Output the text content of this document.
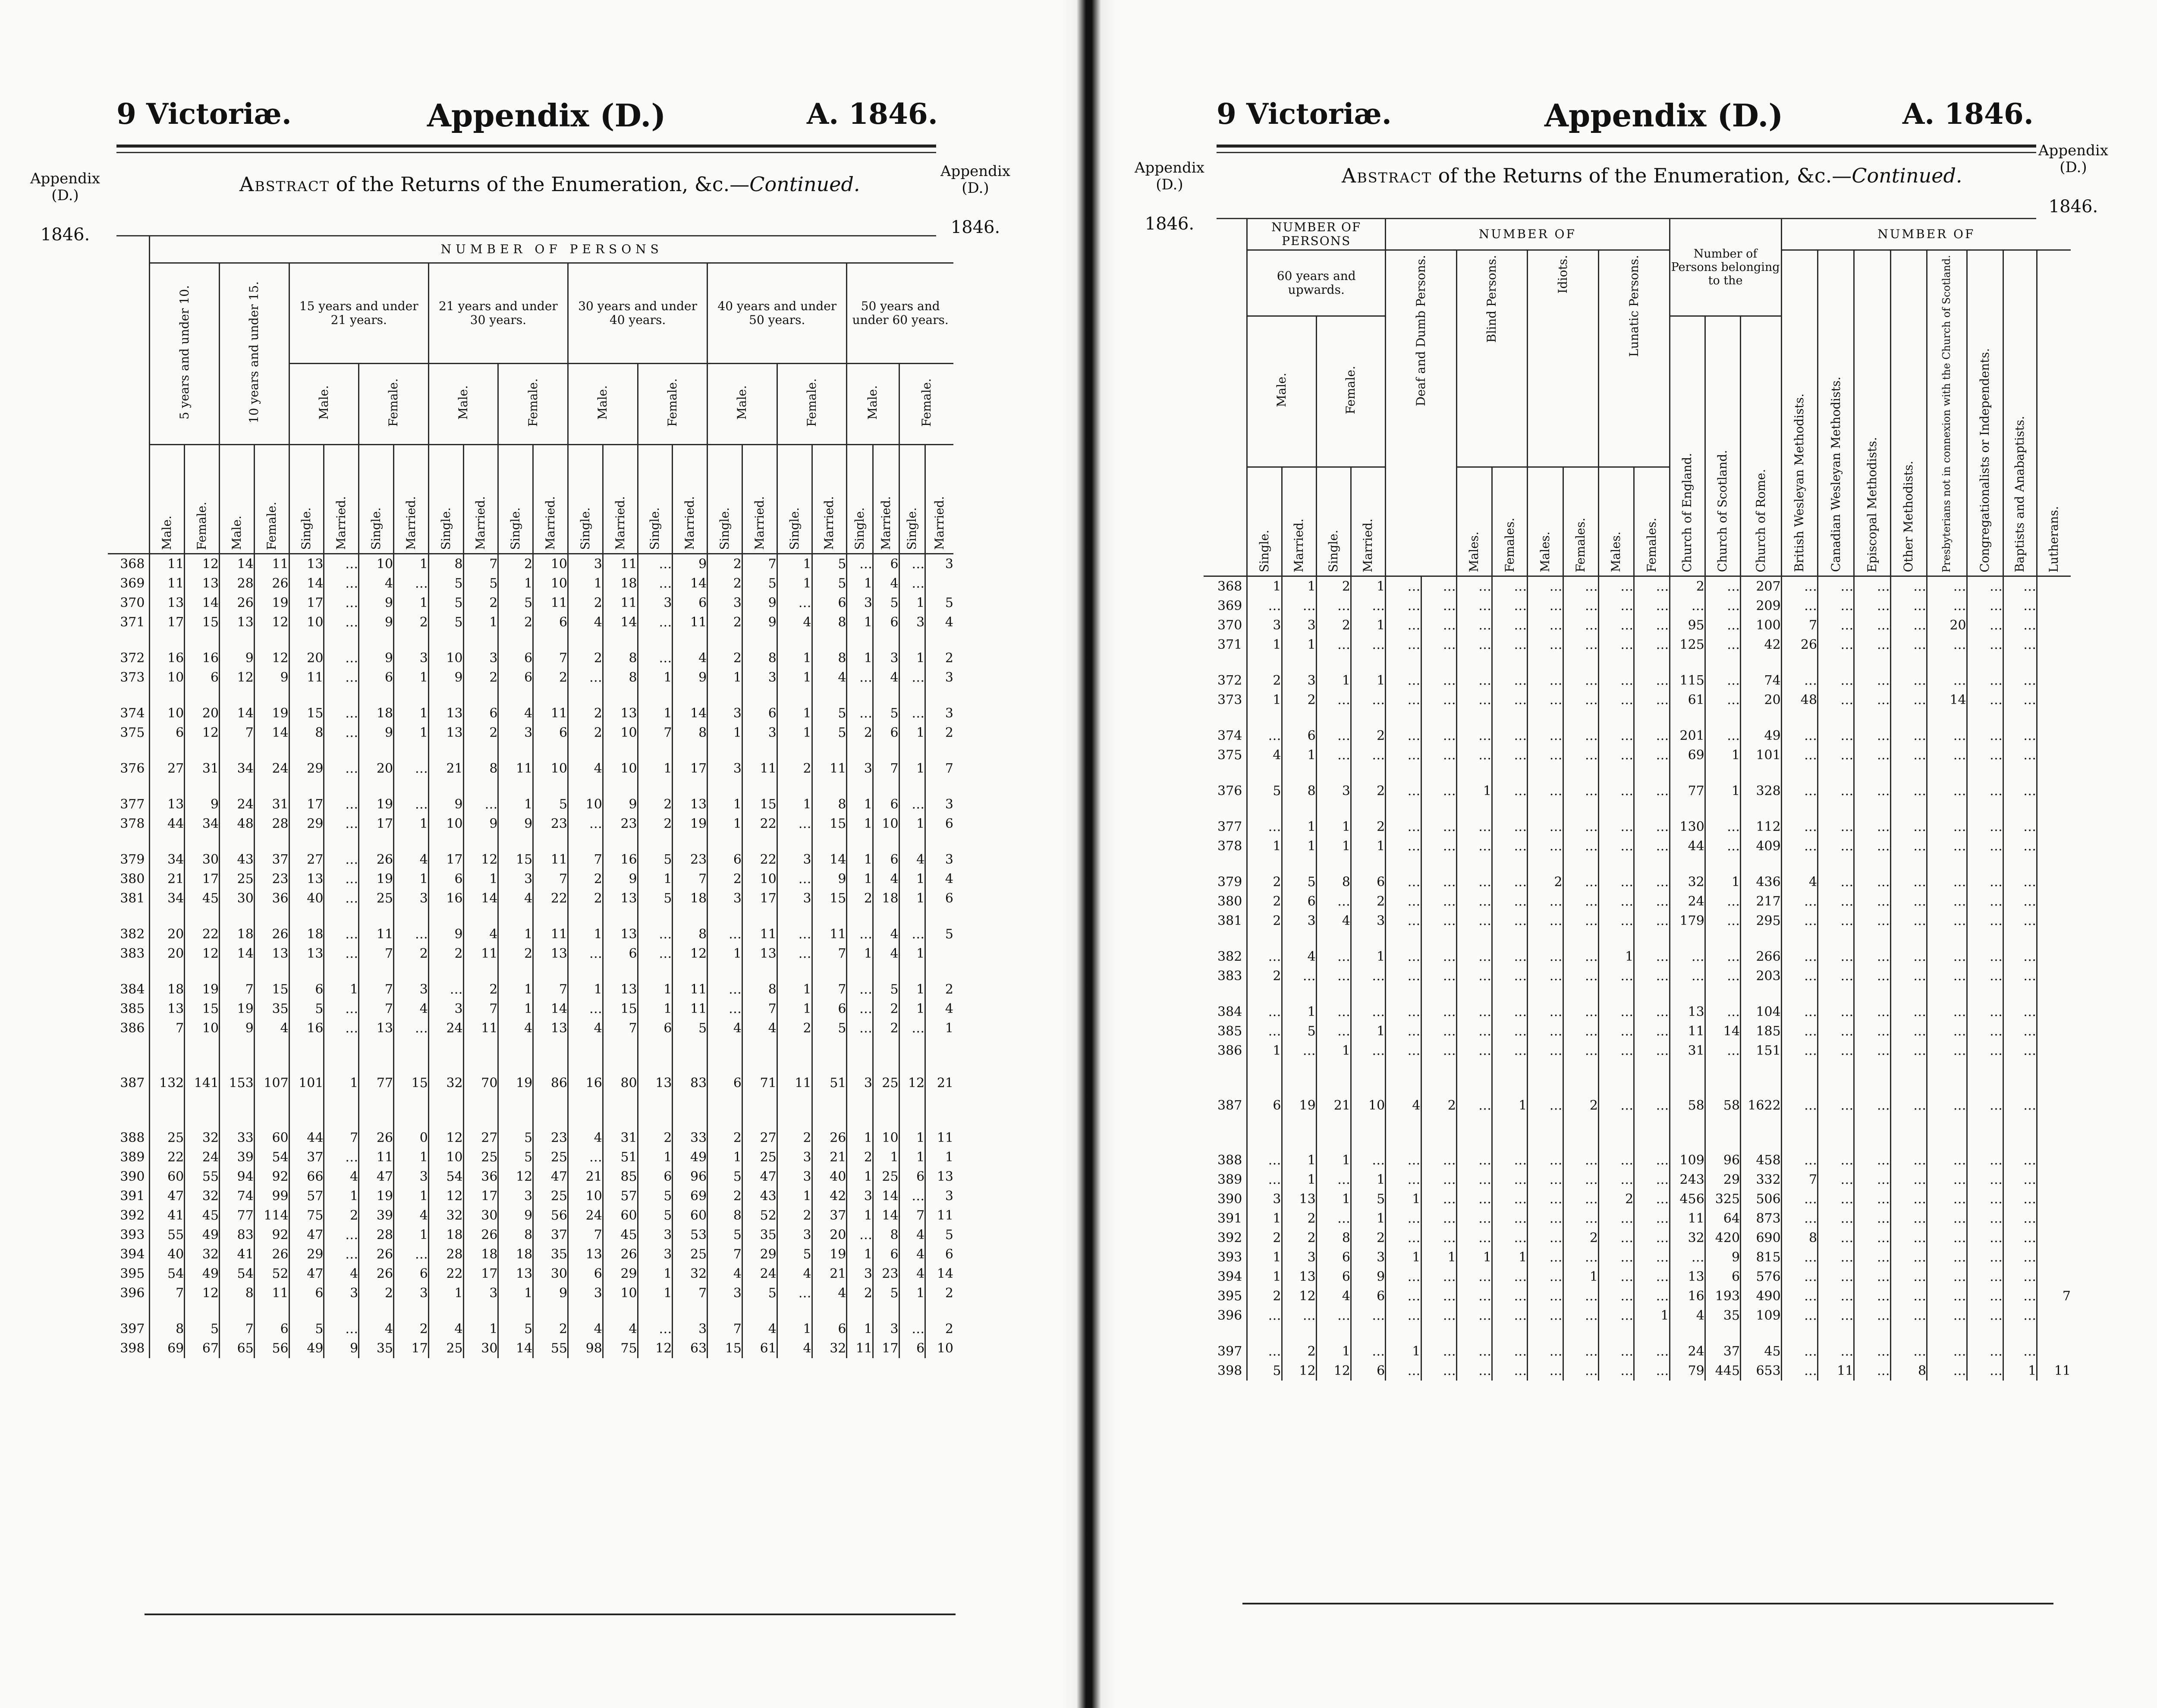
9 Victoriæ.	Appendix (D.)	A. 1846.
Appendix
(D.)
1846.
Appendix
(D.)
1846.
Abstract of the Returns of the Enumeration, &c.—Continued.
	NUMBER OF PERSONS																							
	5 years and under 10.		10 years and under 15.		15 years and under 21 years.				21 years and under 30 years.				30 years and under 40 years.				40 years and under 50 years.				50 years and under 60 years.			
					Male.		Female.		Male.		Female.		Male.		Female.		Male.		Female.		Male.		Female.	
	Male.	Female.	Male.	Female.	Single.	Married.	Single.	Married.	Single.	Married.	Single.	Married.	Single.	Married.	Single.	Married.	Single.	Married.	Single.	Married.	Single.	Married.	Single.	Married.
368	11	12	14	11	13	…	10	1	8	7	2	10	3	11	…	9	2	7	1	5	…	6	…	3
369	11	13	28	26	14	…	4	…	5	5	1	10	1	18	…	14	2	5	1	5	1	4	…	
370	13	14	26	19	17	…	9	1	5	2	5	11	2	11	3	6	3	9	…	6	3	5	1	5
371	17	15	13	12	10	…	9	2	5	1	2	6	4	14	…	11	2	9	4	8	1	6	3	4

372	16	16	9	12	20	…	9	3	10	3	6	7	2	8	…	4	2	8	1	8	1	3	1	2
373	10	6	12	9	11	…	6	1	9	2	6	2	…	8	1	9	1	3	1	4	…	4	…	3

374	10	20	14	19	15	…	18	1	13	6	4	11	2	13	1	14	3	6	1	5	…	5	…	3
375	6	12	7	14	8	…	9	1	13	2	3	6	2	10	7	8	1	3	1	5	2	6	1	2

376	27	31	34	24	29	…	20	…	21	8	11	10	4	10	1	17	3	11	2	11	3	7	1	7

377	13	9	24	31	17	…	19	…	9	…	1	5	10	9	2	13	1	15	1	8	1	6	…	3
378	44	34	48	28	29	…	17	1	10	9	9	23	…	23	2	19	1	22	…	15	1	10	1	6

379	34	30	43	37	27	…	26	4	17	12	15	11	7	16	5	23	6	22	3	14	1	6	4	3
380	21	17	25	23	13	…	19	1	6	1	3	7	2	9	1	7	2	10	…	9	1	4	1	4
381	34	45	30	36	40	…	25	3	16	14	4	22	2	13	5	18	3	17	3	15	2	18	1	6

382	20	22	18	26	18	…	11	…	9	4	1	11	1	13	…	8	…	11	…	11	…	4	…	5
383	20	12	14	13	13	…	7	2	2	11	2	13	…	6	…	12	1	13	…	7	1	4	1	

384	18	19	7	15	6	1	7	3	…	2	1	7	1	13	1	11	…	8	1	7	…	5	1	2
385	13	15	19	35	5	…	7	4	3	7	1	14	…	15	1	11	…	7	1	6	…	2	1	4
386	7	10	9	4	16	…	13	…	24	11	4	13	4	7	6	5	4	4	2	5	…	2	…	1

387	132	141	153	107	101	1	77	15	32	70	19	86	16	80	13	83	6	71	11	51	3	25	12	21

388	25	32	33	60	44	7	26	0	12	27	5	23	4	31	2	33	2	27	2	26	1	10	1	11
389	22	24	39	54	37	…	11	1	10	25	5	25	…	51	1	49	1	25	3	21	2	1	1	1
390	60	55	94	92	66	4	47	3	54	36	12	47	21	85	6	96	5	47	3	40	1	25	6	13
391	47	32	74	99	57	1	19	1	12	17	3	25	10	57	5	69	2	43	1	42	3	14	…	3
392	41	45	77	114	75	2	39	4	32	30	9	56	24	60	5	60	8	52	2	37	1	14	7	11
393	55	49	83	92	47	…	28	1	18	26	8	37	7	45	3	53	5	35	3	20	…	8	4	5
394	40	32	41	26	29	…	26	…	28	18	18	35	13	26	3	25	7	29	5	19	1	6	4	6
395	54	49	54	52	47	4	26	6	22	17	13	30	6	29	1	32	4	24	4	21	3	23	4	14
396	7	12	8	11	6	3	2	3	1	3	1	9	3	10	1	7	3	5	…	4	2	5	1	2

397	8	5	7	6	5	…	4	2	4	1	5	2	4	4	…	3	7	4	1	6	1	3	…	2
398	69	67	65	56	49	9	35	17	25	30	14	55	98	75	12	63	15	61	4	32	11	17	6	10
9 Victoriæ.	Appendix (D.)	A. 1846.
Appendix
(D.)
1846.
Appendix
(D.)
1846.
Abstract of the Returns of the Enumeration, &c.—Continued.
	NUMBER OF PERSONS				NUMBER OF								Number of Persons belonging to the			NUMBER OF							
	60 years and upwards.				Deaf and Dumb Persons.		Blind Persons.		Idiots.		Lunatic Persons.					British Wesleyan Methodists.	Canadian Wesleyan Methodists.	Episcopal Methodists.	Other Methodists.	Presbyterians not in connexion with the Church of Scotland.	Congregationalists or Independents.	Baptists and Anabaptists.	Lutherans.
	Male.		Female.										Church of England.	Church of Scotland.	Church of Rome.								
	Single.	Married.	Single.	Married.			Males.	Females.	Males.	Females.	Males.	Females.											
368	1	1	2	1	…	…	…	…	…	…	…	…	2	…	207	…	…	…	…	…	…	…	
369	…	…	…	…	…	…	…	…	…	…	…	…	…	…	209	…	…	…	…	…	…	…	
370	3	3	2	1	…	…	…	…	…	…	…	…	95	…	100	7	…	…	…	20	…	…	
371	1	1	…	…	…	…	…	…	…	…	…	…	125	…	42	26	…	…	…	…	…	…	

372	2	3	1	1	…	…	…	…	…	…	…	…	115	…	74	…	…	…	…	…	…	…	
373	1	2	…	…	…	…	…	…	…	…	…	…	61	…	20	48	…	…	…	14	…	…	

374	…	6	…	2	…	…	…	…	…	…	…	…	201	…	49	…	…	…	…	…	…	…	
375	4	1	…	…	…	…	…	…	…	…	…	…	69	1	101	…	…	…	…	…	…	…	

376	5	8	3	2	…	…	1	…	…	…	…	…	77	1	328	…	…	…	…	…	…	…	

377	…	1	1	2	…	…	…	…	…	…	…	…	130	…	112	…	…	…	…	…	…	…	
378	1	1	1	1	…	…	…	…	…	…	…	…	44	…	409	…	…	…	…	…	…	…	

379	2	5	8	6	…	…	…	…	2	…	…	…	32	1	436	4	…	…	…	…	…	…	
380	2	6	…	2	…	…	…	…	…	…	…	…	24	…	217	…	…	…	…	…	…	…	
381	2	3	4	3	…	…	…	…	…	…	…	…	179	…	295	…	…	…	…	…	…	…	

382	…	4	…	1	…	…	…	…	…	…	1	…	…	…	266	…	…	…	…	…	…	…	
383	2	…	…	…	…	…	…	…	…	…	…	…	…	…	203	…	…	…	…	…	…	…	

384	…	1	…	…	…	…	…	…	…	…	…	…	13	…	104	…	…	…	…	…	…	…	
385	…	5	…	1	…	…	…	…	…	…	…	…	11	14	185	…	…	…	…	…	…	…	
386	1	…	1	…	…	…	…	…	…	…	…	…	31	…	151	…	…	…	…	…	…	…	

387	6	19	21	10	4	2	…	1	…	2	…	…	58	58	1622	…	…	…	…	…	…	…	

388	…	1	1	…	…	…	…	…	…	…	…	…	109	96	458	…	…	…	…	…	…	…	
389	…	1	…	1	…	…	…	…	…	…	…	…	243	29	332	7	…	…	…	…	…	…	
390	3	13	1	5	1	…	…	…	…	…	2	…	456	325	506	…	…	…	…	…	…	…	
391	1	2	…	1	…	…	…	…	…	…	…	…	11	64	873	…	…	…	…	…	…	…	
392	2	2	8	2	…	…	…	…	…	2	…	…	32	420	690	8	…	…	…	…	…	…	
393	1	3	6	3	1	1	1	1	…	…	…	…	…	9	815	…	…	…	…	…	…	…	
394	1	13	6	9	…	…	…	…	…	1	…	…	13	6	576	…	…	…	…	…	…	…	
395	2	12	4	6	…	…	…	…	…	…	…	…	16	193	490	…	…	…	…	…	…	…	7
396	…	…	…	…	…	…	…	…	…	…	…	1	4	35	109	…	…	…	…	…	…	…	

397	…	2	1	…	1	…	…	…	…	…	…	…	24	37	45	…	…	…	…	…	…	…	
398	5	12	12	6	…	…	…	…	…	…	…	…	79	445	653	…	11	…	8	…	…	1	11
